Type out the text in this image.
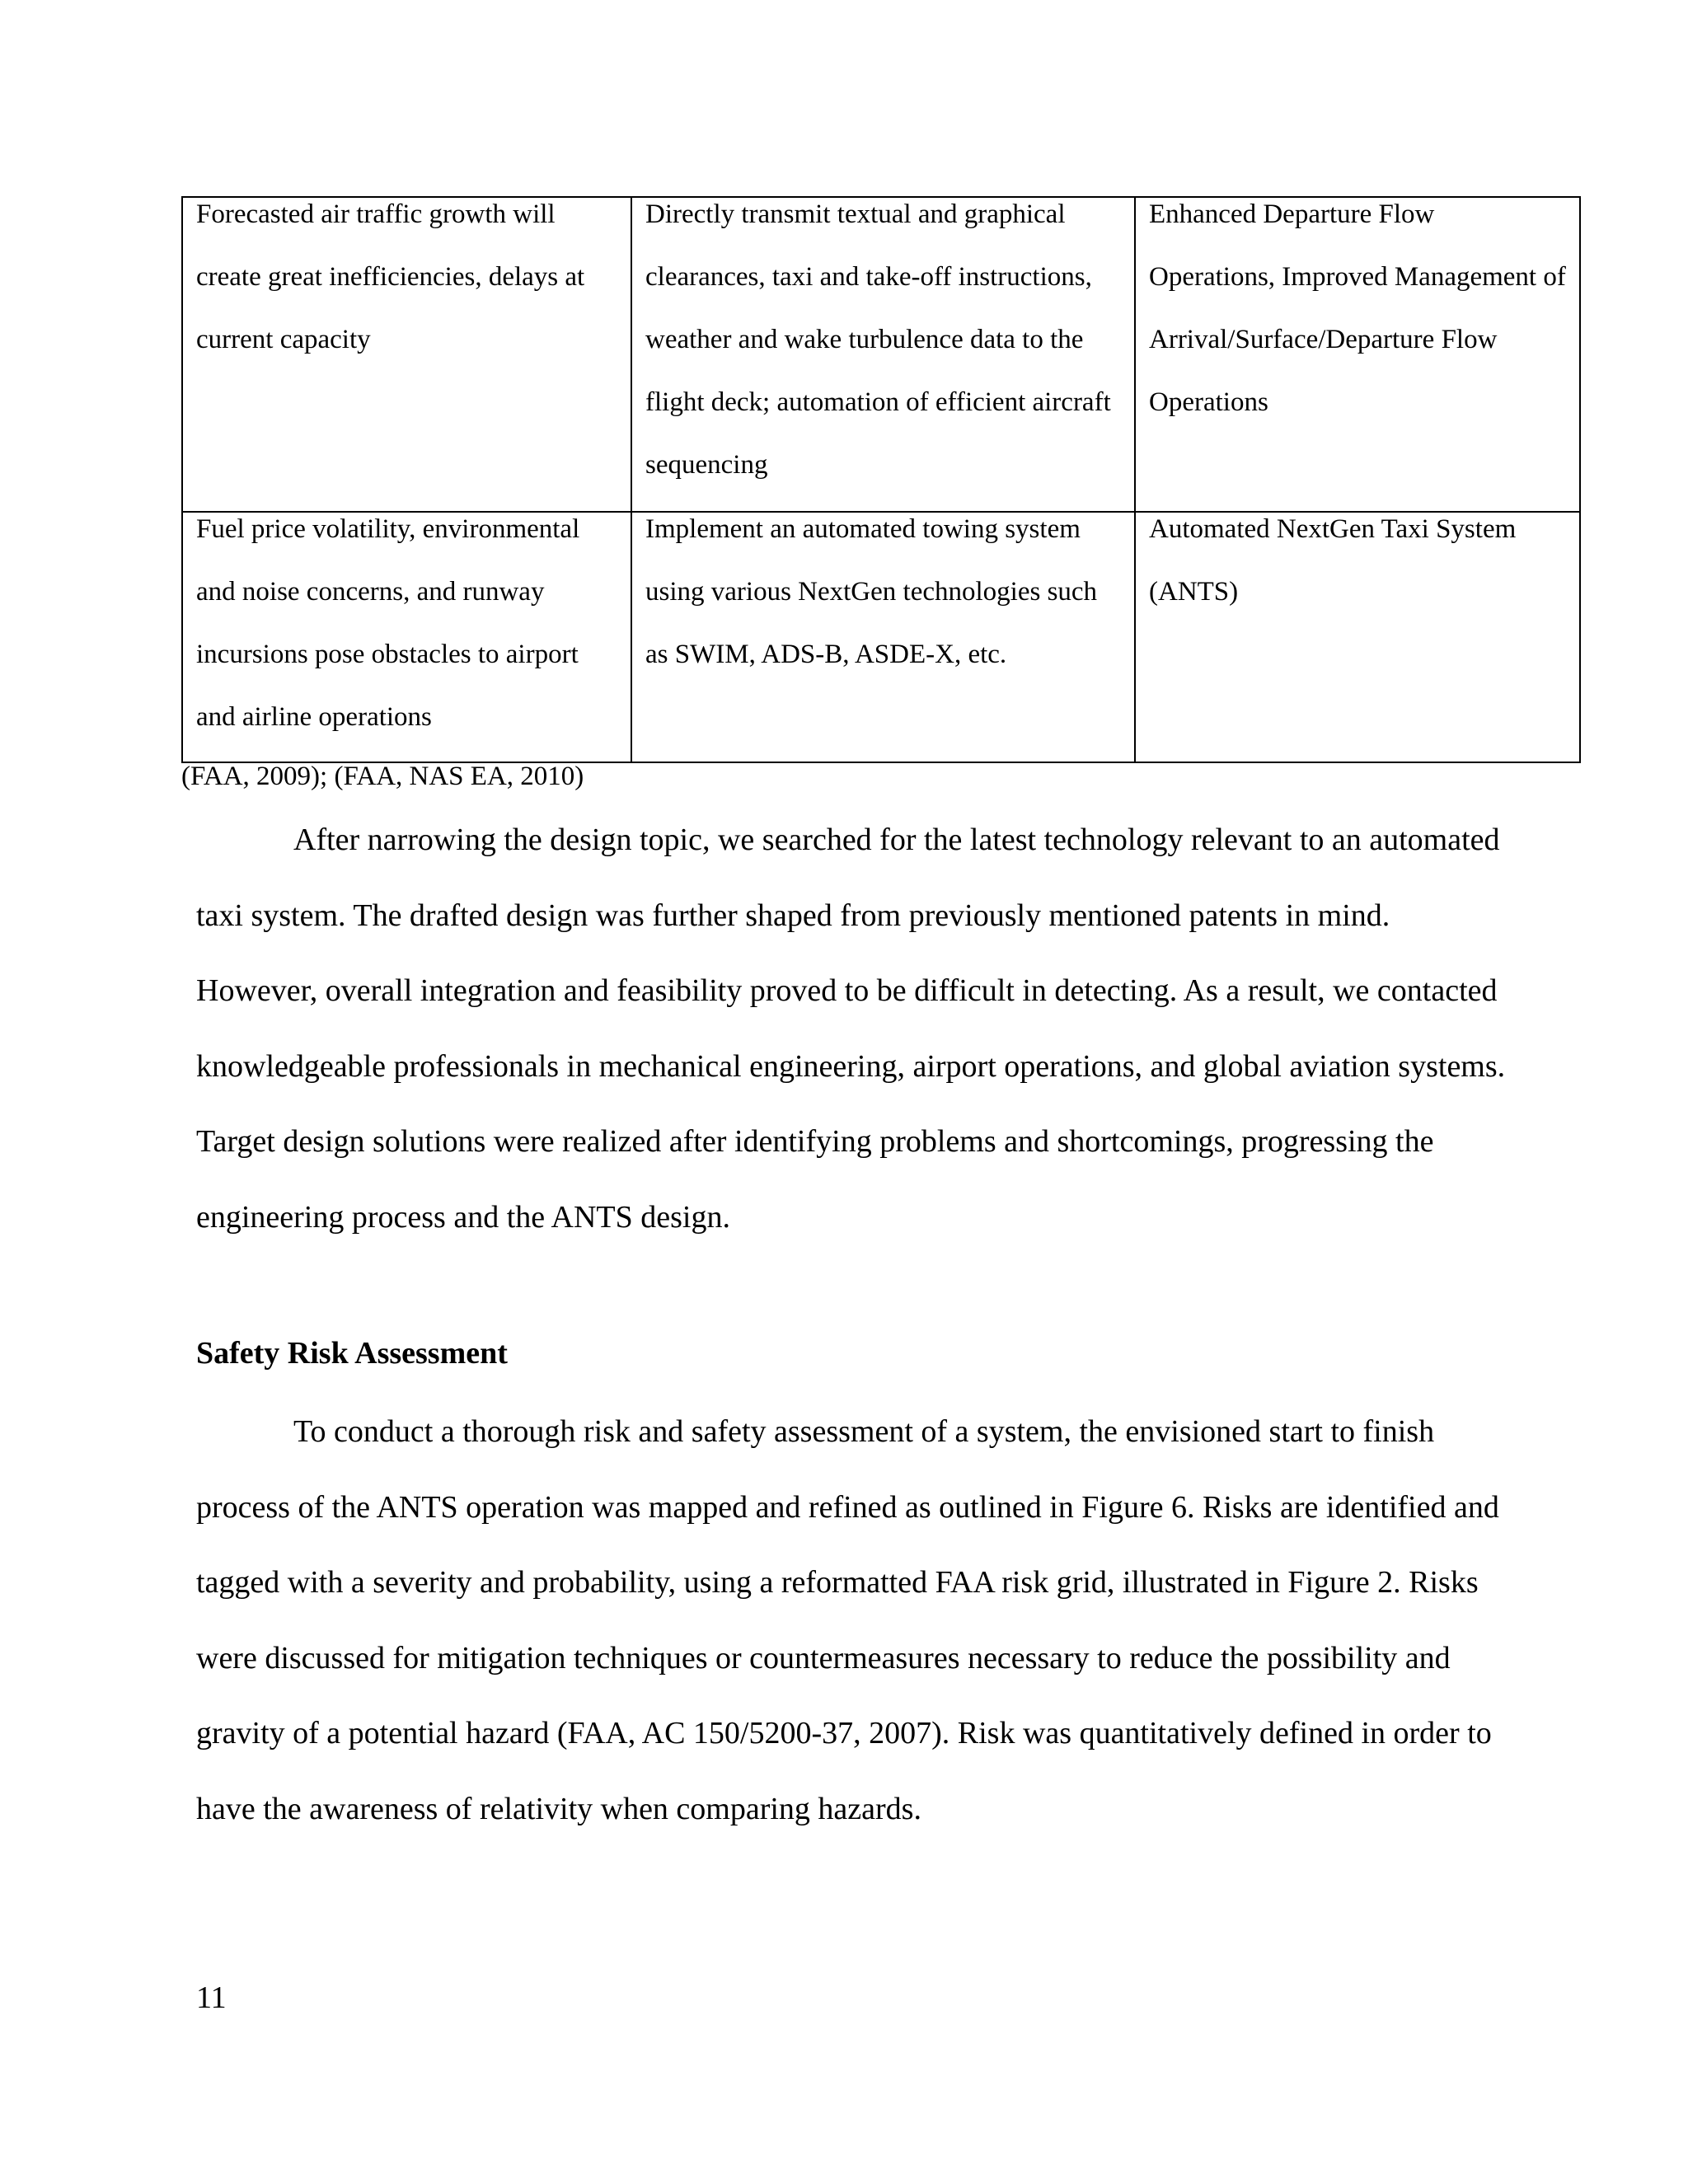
Forecasted air traffic growth will create great inefficiencies, delays at current capacity	Directly transmit textual and graphical clearances, taxi and take-off instructions, weather and wake turbulence data to the flight deck; automation of efficient aircraft sequencing	Enhanced Departure Flow Operations, Improved Management of Arrival/Surface/Departure Flow Operations

Fuel price volatility, environmental and noise concerns, and runway incursions pose obstacles to airport and airline operations	Implement an automated towing system using various NextGen technologies such as SWIM, ADS-B, ASDE-X, etc.	Automated NextGen Taxi System (ANTS)
(FAA, 2009); (FAA, NAS EA, 2010)

After narrowing the design topic, we searched for the latest technology relevant to an automated taxi system. The drafted design was further shaped from previously mentioned patents in mind. However, overall integration and feasibility proved to be difficult in detecting. As a result, we contacted knowledgeable professionals in mechanical engineering, airport operations, and global aviation systems. Target design solutions were realized after identifying problems and shortcomings, progressing the engineering process and the ANTS design.

Safety Risk Assessment

To conduct a thorough risk and safety assessment of a system, the envisioned start to finish process of the ANTS operation was mapped and refined as outlined in Figure 6. Risks are identified and tagged with a severity and probability, using a reformatted FAA risk grid, illustrated in Figure 2. Risks were discussed for mitigation techniques or countermeasures necessary to reduce the possibility and gravity of a potential hazard (FAA, AC 150/5200-37, 2007). Risk was quantitatively defined in order to have the awareness of relativity when comparing hazards.

11
